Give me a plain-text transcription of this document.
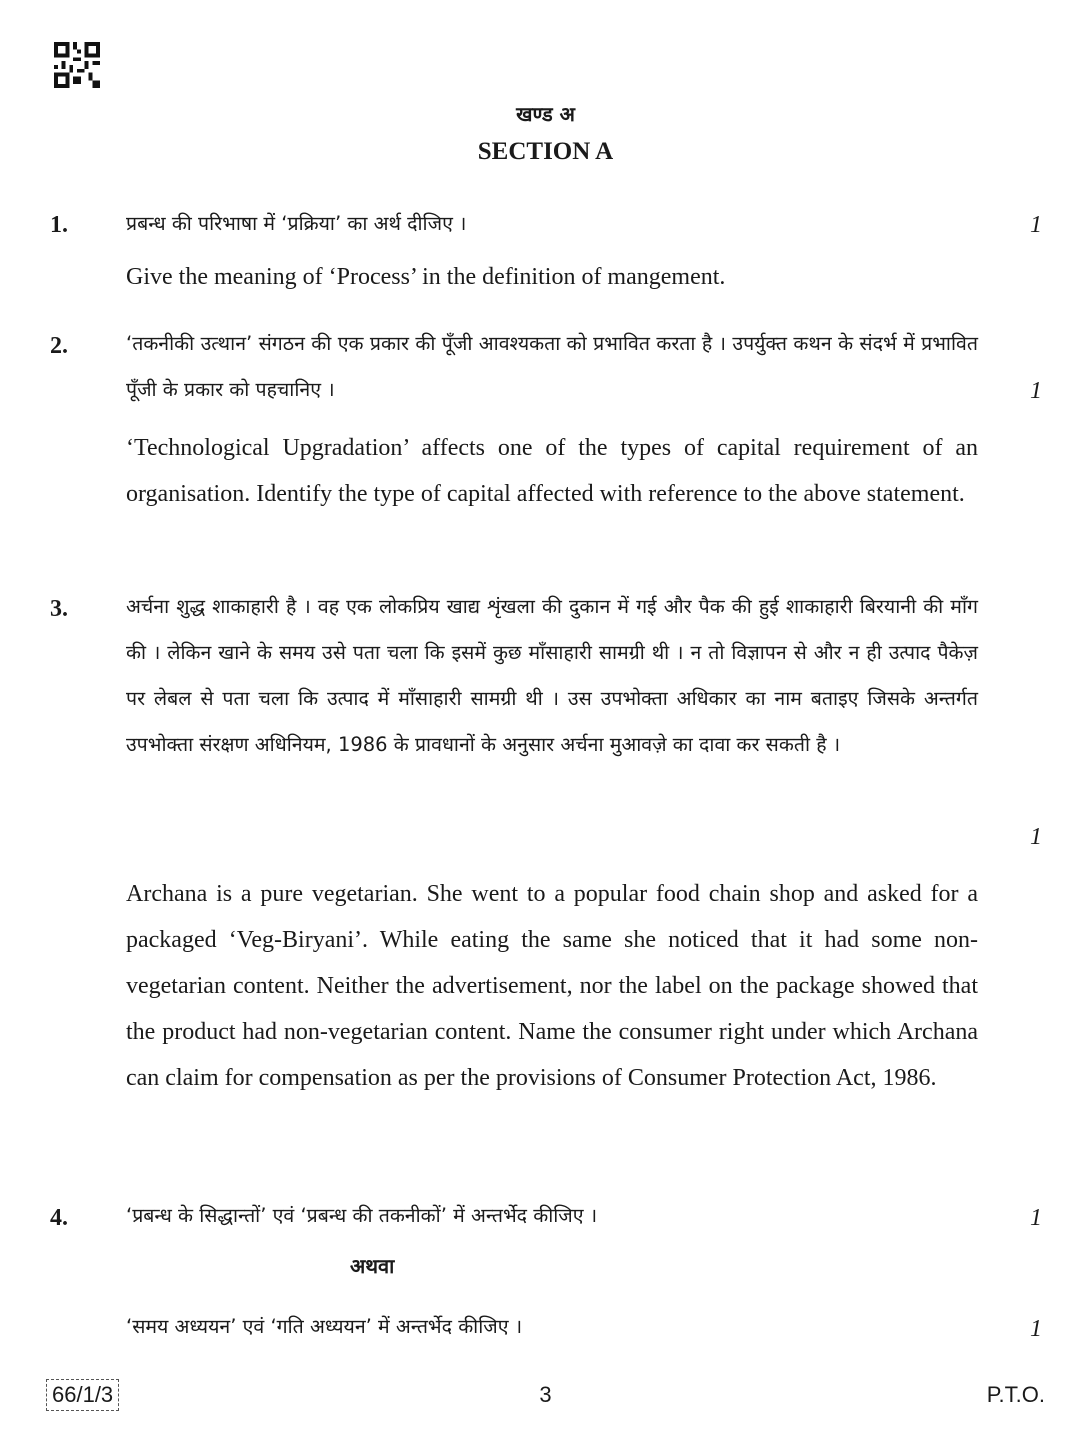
खण्ड अ
SECTION A
1.	प्रबन्ध की परिभाषा में ‘प्रक्रिया’ का अर्थ दीजिए ।	1
Give the meaning of ‘Process’ in the definition of mangement.
2.	‘तकनीकी उत्थान’ संगठन की एक प्रकार की पूँजी आवश्यकता को प्रभावित करता है । उपर्युक्त कथन के संदर्भ में प्रभावित पूँजी के प्रकार को पहचानिए ।	1
‘Technological Upgradation’ affects one of the types of capital requirement of an organisation. Identify the type of capital affected with reference to the above statement.
3.	अर्चना शुद्ध शाकाहारी है । वह एक लोकप्रिय खाद्य शृंखला की दुकान में गई और पैक की हुई शाकाहारी बिरयानी की माँग की । लेकिन खाने के समय उसे पता चला कि इसमें कुछ माँसाहारी सामग्री थी । न तो विज्ञापन से और न ही उत्पाद पैकेज़ पर लेबल से पता चला कि उत्पाद में माँसाहारी सामग्री थी । उस उपभोक्ता अधिकार का नाम बताइए जिसके अन्तर्गत उपभोक्ता संरक्षण अधिनियम, 1986 के प्रावधानों के अनुसार अर्चना मुआवज़े का दावा कर सकती है ।
1
Archana is a pure vegetarian. She went to a popular food chain shop and asked for a packaged ‘Veg-Biryani’. While eating the same she noticed that it had some non-vegetarian content. Neither the advertisement, nor the label on the package showed that the product had non-vegetarian content. Name the consumer right under which Archana can claim for compensation as per the provisions of Consumer Protection Act, 1986.
4.	‘प्रबन्ध के सिद्धान्तों’ एवं ‘प्रबन्ध की तकनीकों’ में अन्तर्भेद कीजिए ।	1
अथवा
‘समय अध्ययन’ एवं ‘गति अध्ययन’ में अन्तर्भेद कीजिए ।	1
66/1/3	3	P.T.O.
